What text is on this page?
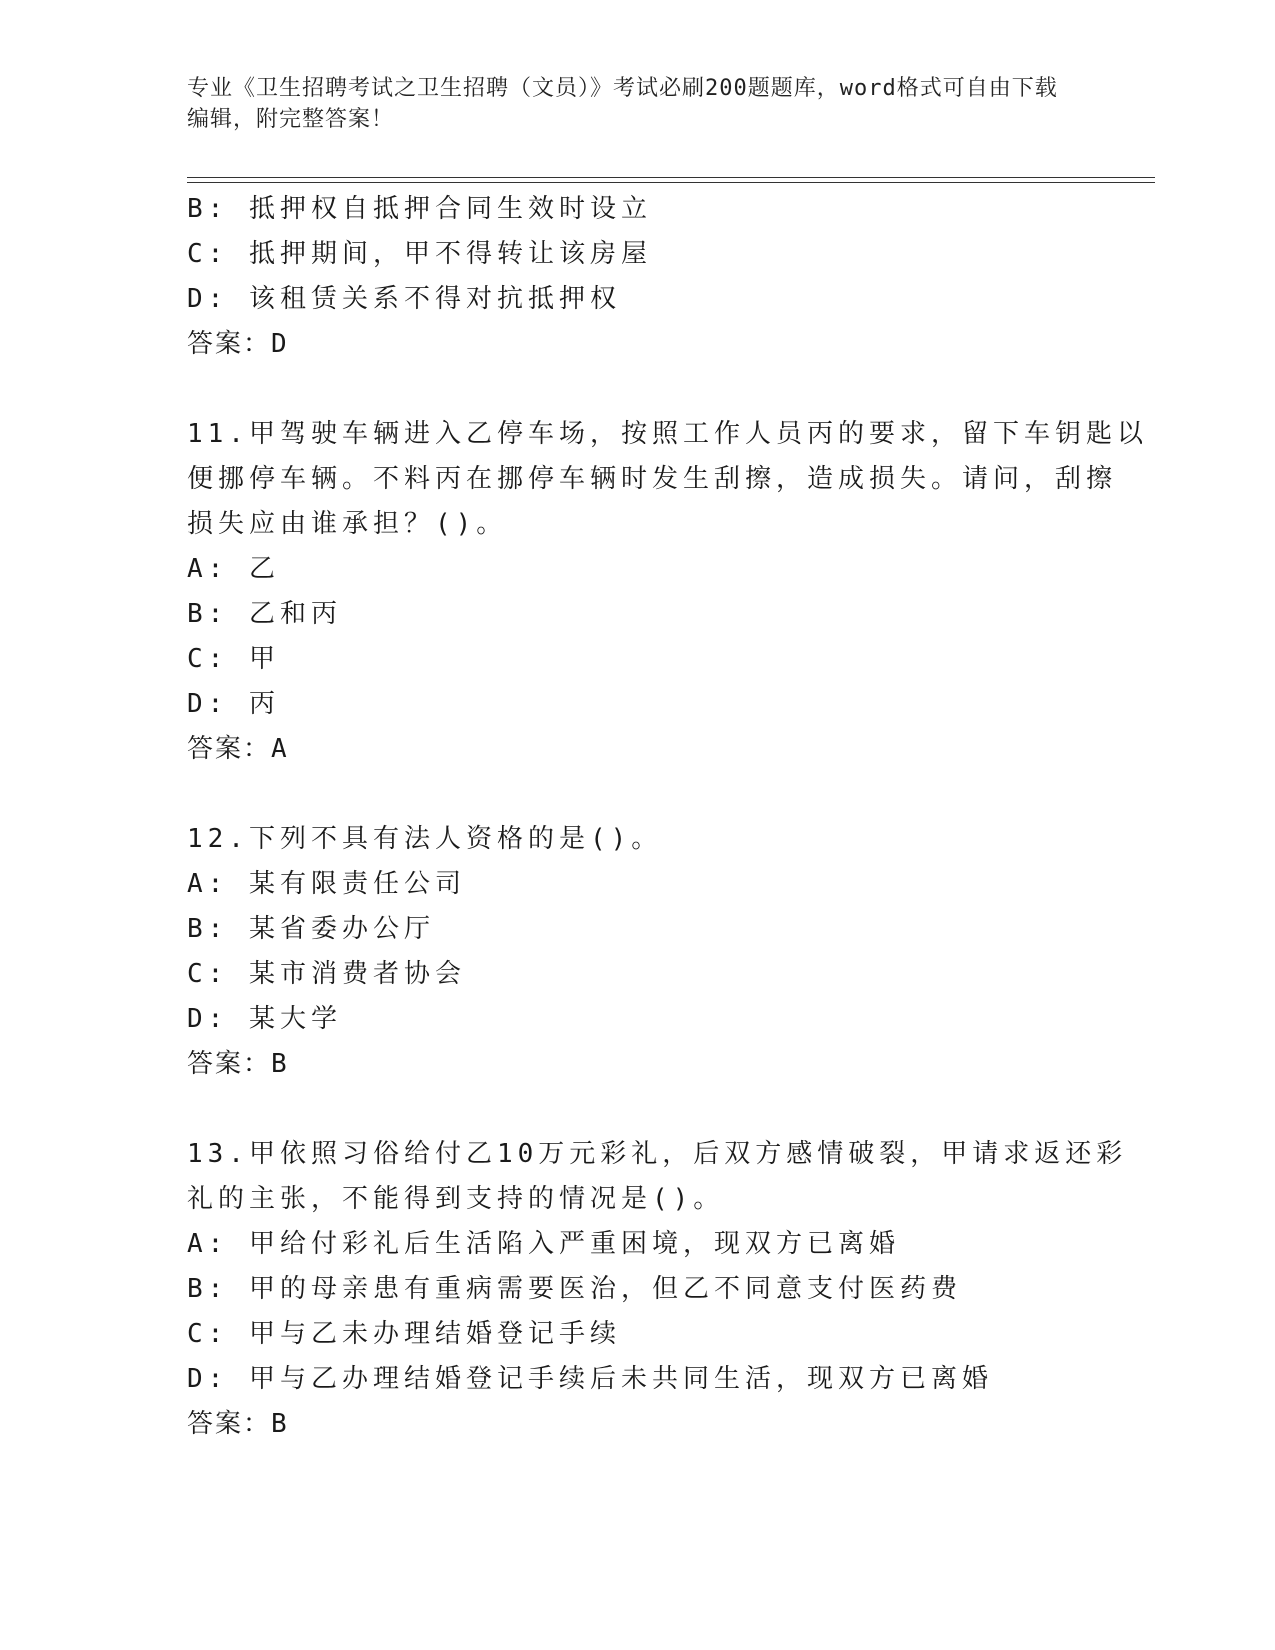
专业《卫生招聘考试之卫生招聘（文员）》考试必刷200题题库，word格式可自由下载编辑，附完整答案！
B: 抵押权自抵押合同生效时设立
C: 抵押期间，甲不得转让该房屋
D: 该租赁关系不得对抗抵押权
答案：D
11.甲驾驶车辆进入乙停车场，按照工作人员丙的要求，留下车钥匙以
便挪停车辆。不料丙在挪停车辆时发生刮擦，造成损失。请问，刮擦
损失应由谁承担？()。
A: 乙
B: 乙和丙
C: 甲
D: 丙
答案：A
12.下列不具有法人资格的是()。
A: 某有限责任公司
B: 某省委办公厅
C: 某市消费者协会
D: 某大学
答案：B
13.甲依照习俗给付乙10万元彩礼，后双方感情破裂，甲请求返还彩
礼的主张，不能得到支持的情况是()。
A: 甲给付彩礼后生活陷入严重困境，现双方已离婚
B: 甲的母亲患有重病需要医治，但乙不同意支付医药费
C: 甲与乙未办理结婚登记手续
D: 甲与乙办理结婚登记手续后未共同生活，现双方已离婚
答案：B
